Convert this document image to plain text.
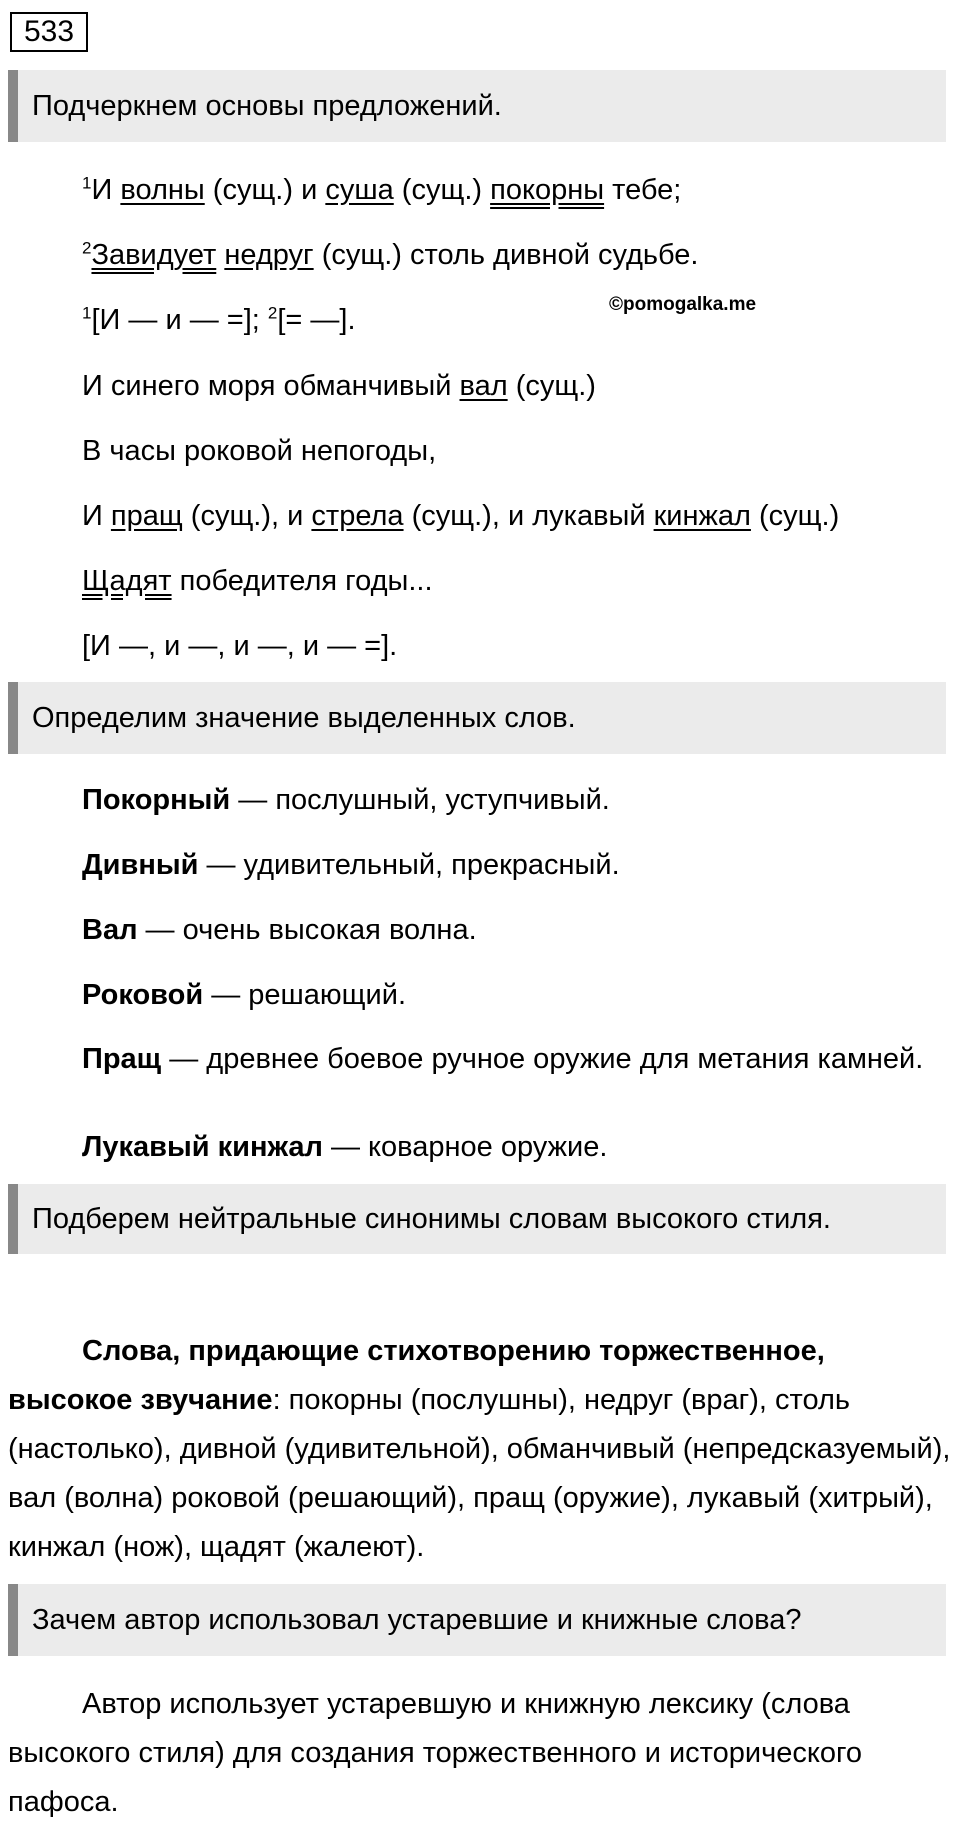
533
Подчеркнем основы предложений.
$^1$И волны (сущ.) и суша (сущ.) покорны тебе;
$^2$Завидует недруг (сущ.) столь дивной судьбе.
$^1$[И — и — =]; $^2$[= —].	©pomogalka.me
И синего моря обманчивый вал (сущ.)
В часы роковой непогоды,
И пращ (сущ.), и стрела (сущ.), и лукавый кинжал (сущ.)
Щадят победителя годы...
[И —, и —, и —, и — =].
Определим значение выделенных слов.
Покорный — послушный, уступчивый.
Дивный — удивительный, прекрасный.
Вал — очень высокая волна.
Роковой — решающий.
Пращ — древнее боевое ручное оружие для метания камней.
Лукавый кинжал — коварное оружие.
Подберем нейтральные синонимы словам высокого стиля.
Слова, придающие стихотворению торжественное, высокое звучание: покорны (послушны), недруг (враг), столь (настолько), дивной (удивительной), обманчивый (непредсказуемый), вал (волна) роковой (решающий), пращ (оружие), лукавый (хитрый), кинжал (нож), щадят (жалеют).
Зачем автор использовал устаревшие и книжные слова?
Автор использует устаревшую и книжную лексику (слова высокого стиля) для создания торжественного и исторического пафоса.
